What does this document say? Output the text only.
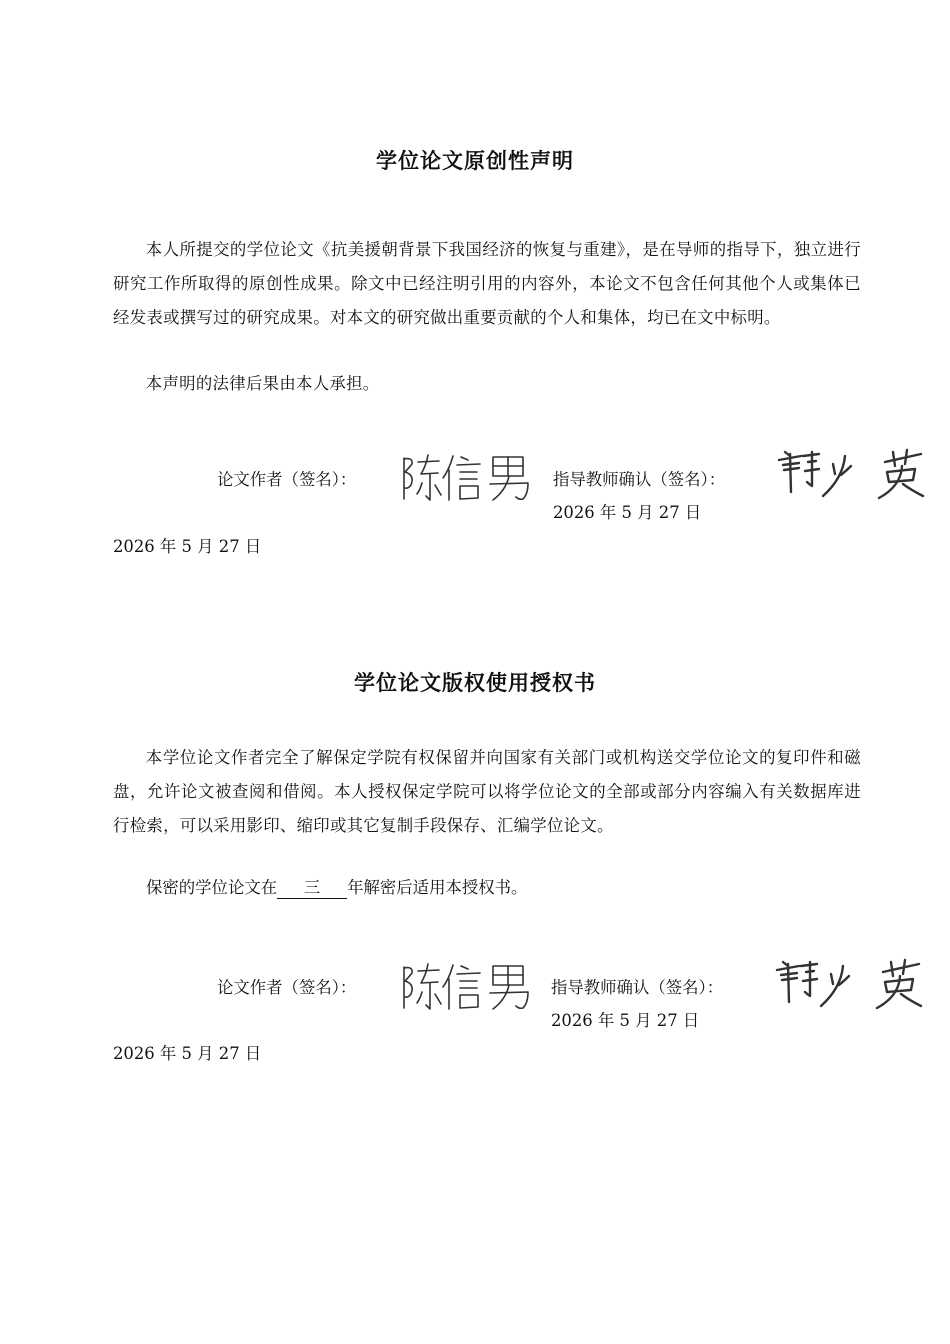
学位论文原创性声明

本人所提交的学位论文《抗美援朝背景下我国经济的恢复与重建》，是在导师的指导下，独立进行研究工作所取得的原创性成果。除文中已经注明引用的内容外，本论文不包含任何其他个人或集体已经发表或撰写过的研究成果。对本文的研究做出重要贡献的个人和集体，均已在文中标明。

本声明的法律后果由本人承担。

论文作者（签名）：	指导教师确认（签名）：
2026 年 5 月 27 日
2026 年 5 月 27 日
学位论文版权使用授权书

本学位论文作者完全了解保定学院有权保留并向国家有关部门或机构送交学位论文的复印件和磁盘，允许论文被查阅和借阅。本人授权保定学院可以将学位论文的全部或部分内容编入有关数据库进行检索，可以采用影印、缩印或其它复制手段保存、汇编学位论文。

保密的学位论文在 三 年解密后适用本授权书。
论文作者（签名）：	指导教师确认（签名）：
2026 年 5 月 27 日
2026 年 5 月 27 日
